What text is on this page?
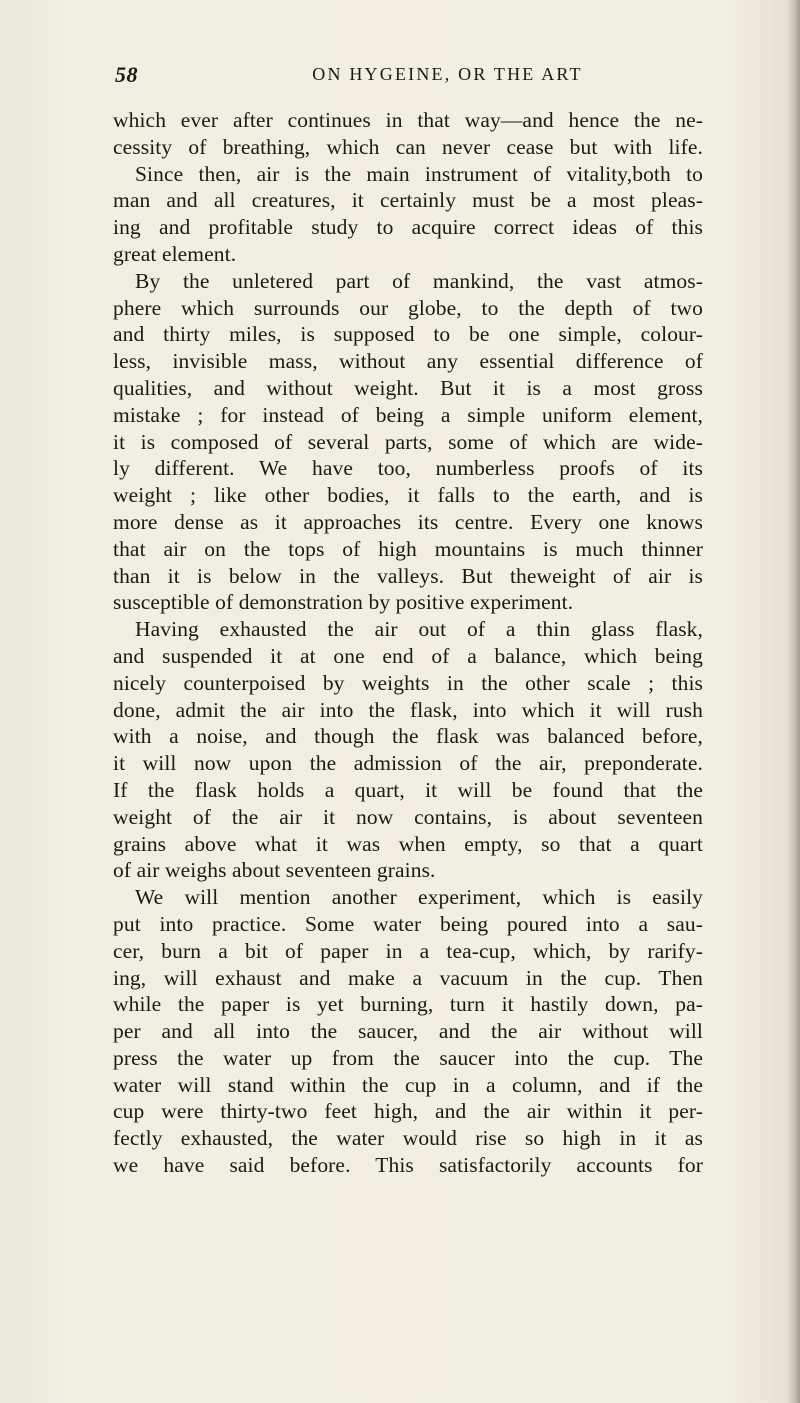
58	ON HYGEINE, OR THE ART
which ever after continues in that way—and hence the ne-
cessity of breathing, which can never cease but with life.
Since then, air is the main instrument of vitality,both to
man and all creatures, it certainly must be a most pleas-
ing and profitable study to acquire correct ideas of this
great element.
By the unletered part of mankind, the vast atmos-
phere which surrounds our globe, to the depth of two
and thirty miles, is supposed to be one simple, colour-
less, invisible mass, without any essential difference of
qualities, and without weight. But it is a most gross
mistake ; for instead of being a simple uniform element,
it is composed of several parts, some of which are wide-
ly different. We have too, numberless proofs of its
weight ; like other bodies, it falls to the earth, and is
more dense as it approaches its centre. Every one knows
that air on the tops of high mountains is much thinner
than it is below in the valleys. But theweight of air is
susceptible of demonstration by positive experiment.
Having exhausted the air out of a thin glass flask,
and suspended it at one end of a balance, which being
nicely counterpoised by weights in the other scale ; this
done, admit the air into the flask, into which it will rush
with a noise, and though the flask was balanced before,
it will now upon the admission of the air, preponderate.
If the flask holds a quart, it will be found that the
weight of the air it now contains, is about seventeen
grains above what it was when empty, so that a quart
of air weighs about seventeen grains.
We will mention another experiment, which is easily
put into practice. Some water being poured into a sau-
cer, burn a bit of paper in a tea-cup, which, by rarify-
ing, will exhaust and make a vacuum in the cup. Then
while the paper is yet burning, turn it hastily down, pa-
per and all into the saucer, and the air without will
press the water up from the saucer into the cup. The
water will stand within the cup in a column, and if the
cup were thirty-two feet high, and the air within it per-
fectly exhausted, the water would rise so high in it as
we have said before. This satisfactorily accounts for
